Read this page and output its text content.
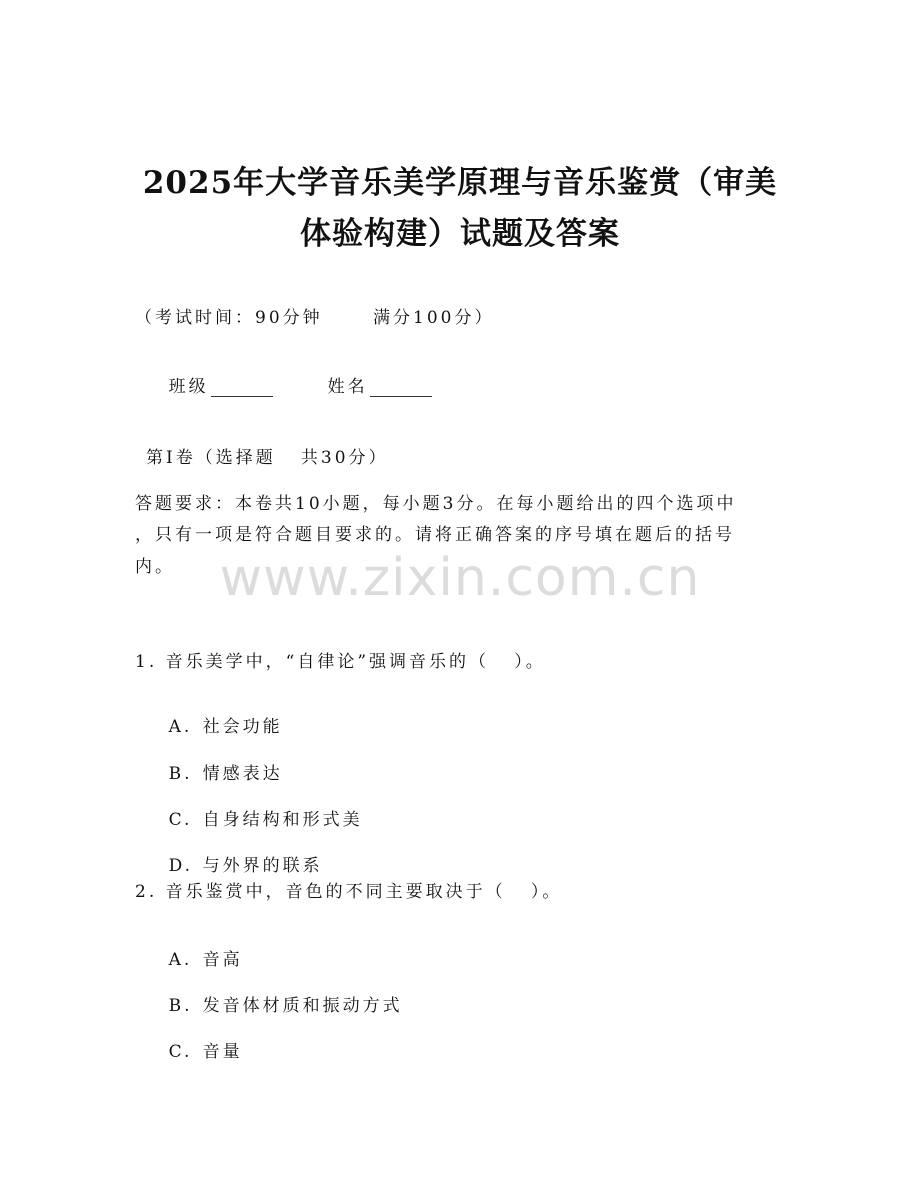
2025年大学音乐美学原理与音乐鉴赏（审美
体验构建）试题及答案
（考试时间：90分钟      满分100分）

班级
	姓名

第Ⅰ卷（选择题   共30分）
答题要求：本卷共10小题，每小题3分。在每小题给出的四个选项中
，只有一项是符合题目要求的。请将正确答案的序号填在题后的括号
内。 www.zixin.com.cn
1. 音乐美学中，“自律论”强调音乐的（   ）。

A. 社会功能

B. 情感表达

C. 自身结构和形式美

D. 与外界的联系

2. 音乐鉴赏中，音色的不同主要取决于（   ）。

A. 音高

B. 发音体材质和振动方式

C. 音量
